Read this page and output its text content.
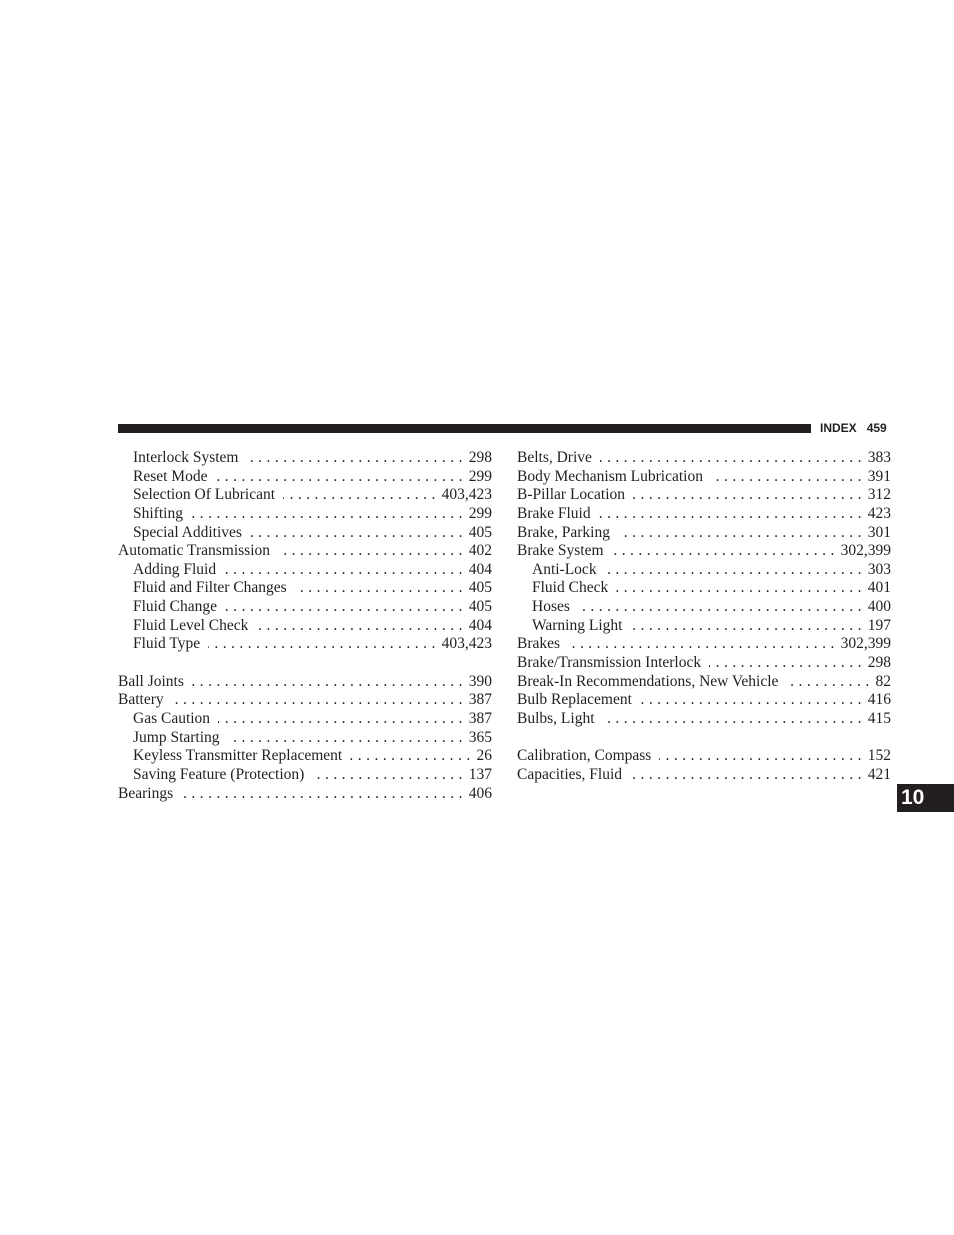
INDEX 459
Interlock System . . .	298
Reset Mode . . .	299
Selection Of Lubricant . . .	403,423
Shifting . . .	299
Special Additives . . .	405
Automatic Transmission . . .	402
Adding Fluid . . .	404
Fluid and Filter Changes . . .	405
Fluid Change . . .	405
Fluid Level Check . . .	404
Fluid Type . . .	403,423
Ball Joints . . .	390
Battery . . .	387
Gas Caution . . .	387
Jump Starting . . .	365
Keyless Transmitter Replacement . . .	26
Saving Feature (Protection) . . .	137
Bearings . . .	406
Belts, Drive . . .	383
Body Mechanism Lubrication . . .	391
B-Pillar Location . . .	312
Brake Fluid . . .	423
Brake, Parking . . .	301
Brake System . . .	302,399
Anti-Lock . . .	303
Fluid Check . . .	401
Hoses . . .	400
Warning Light . . .	197
Brakes . . .	302,399
Brake/Transmission Interlock . . .	298
Break-In Recommendations, New Vehicle . . .	82
Bulb Replacement . . .	416
Bulbs, Light . . .	415
Calibration, Compass . . .	152
Capacities, Fluid . . .	421
10
